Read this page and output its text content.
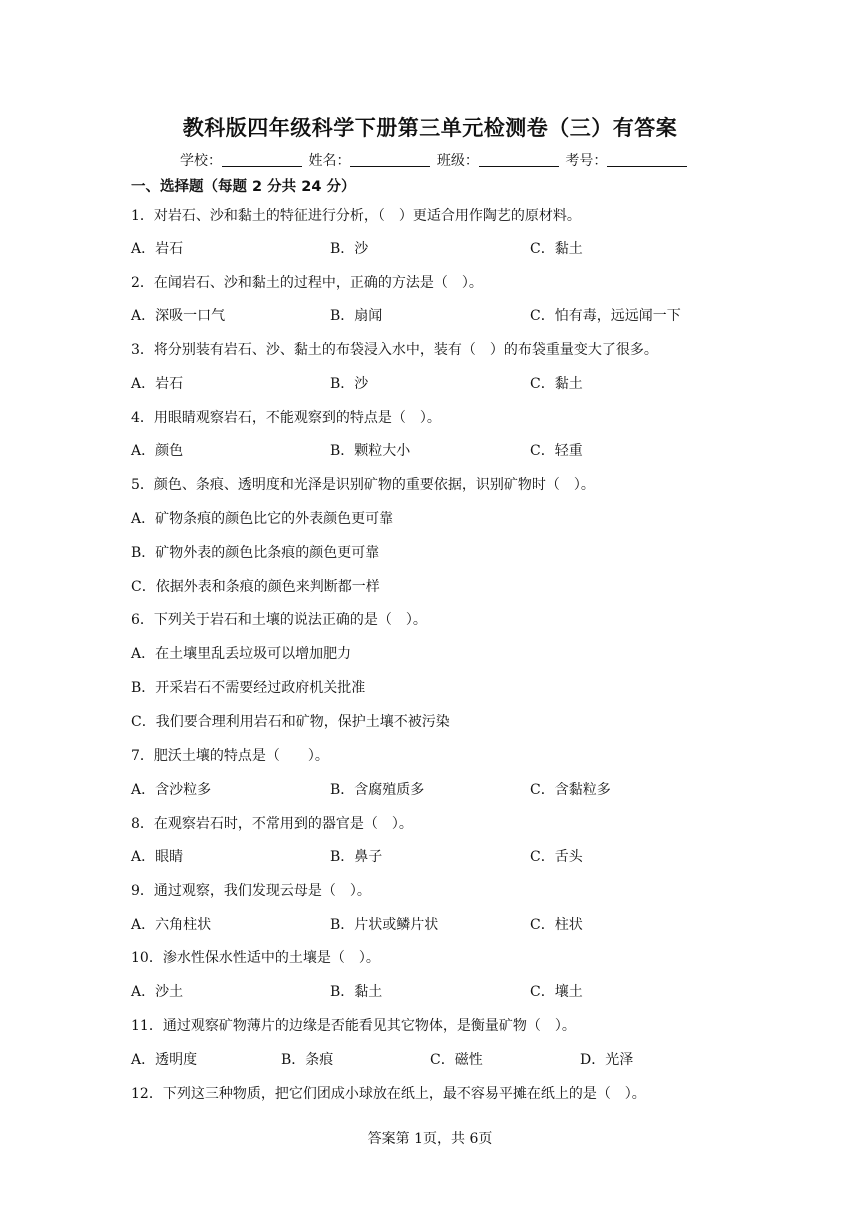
教科版四年级科学下册第三单元检测卷（三）有答案
学校：	姓名：	班级：	考号：
一、选择题（每题 2 分共 24 分）
1．对岩石、沙和黏土的特征进行分析，（　）更适合用作陶艺的原材料。
A．岩石	B．沙	C．黏土
2．在闻岩石、沙和黏土的过程中，正确的方法是（　）。
A．深吸一口气	B．扇闻	C．怕有毒，远远闻一下
3．将分别装有岩石、沙、黏土的布袋浸入水中，装有（　）的布袋重量变大了很多。
A．岩石	B．沙	C．黏土
4．用眼睛观察岩石，不能观察到的特点是（　）。
A．颜色	B．颗粒大小	C．轻重
5．颜色、条痕、透明度和光泽是识别矿物的重要依据，识别矿物时（　）。
A．矿物条痕的颜色比它的外表颜色更可靠
B．矿物外表的颜色比条痕的颜色更可靠
C．依据外表和条痕的颜色来判断都一样
6．下列关于岩石和土壤的说法正确的是（　）。
A．在土壤里乱丢垃圾可以增加肥力
B．开采岩石不需要经过政府机关批准
C．我们要合理利用岩石和矿物，保护土壤不被污染
7．肥沃土壤的特点是（　　）。
A．含沙粒多	B．含腐殖质多	C．含黏粒多
8．在观察岩石时，不常用到的器官是（　）。
A．眼睛	B．鼻子	C．舌头
9．通过观察，我们发现云母是（　）。
A．六角柱状	B．片状或鳞片状	C．柱状
10．渗水性保水性适中的土壤是（　）。
A．沙土	B．黏土	C．壤土
11．通过观察矿物薄片的边缘是否能看见其它物体，是衡量矿物（　）。
A．透明度	B．条痕	C．磁性	D．光泽
12．下列这三种物质，把它们团成小球放在纸上，最不容易平摊在纸上的是（　）。
答案第 1页，共 6页
